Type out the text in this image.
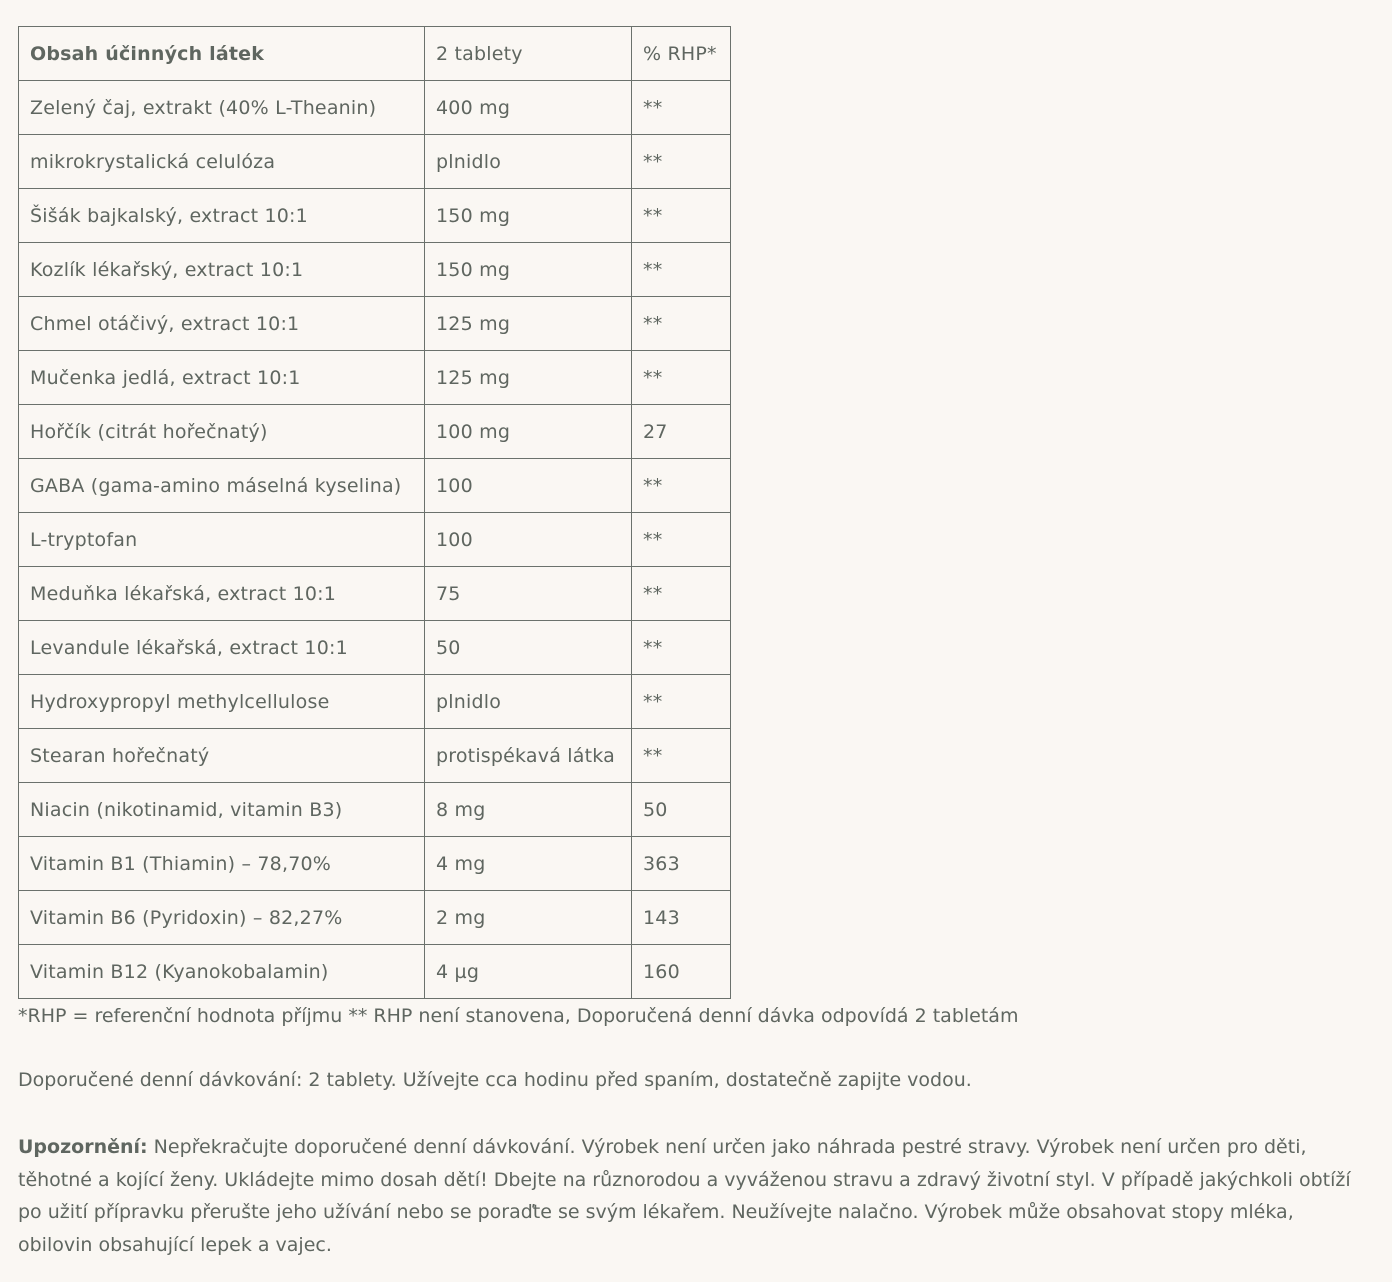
Obsah účinných látek	2 tablety	% RHP*
Zelený čaj, extrakt (40% L-Theanin)	400 mg	**
mikrokrystalická celulóza	plnidlo	**
Šišák bajkalský, extract 10:1	150 mg	**
Kozlík lékařský, extract 10:1	150 mg	**
Chmel otáčivý, extract 10:1	125 mg	**
Mučenka jedlá, extract 10:1	125 mg	**
Hořčík (citrát hořečnatý)	100 mg	27
GABA (gama-amino máselná kyselina)	100	**
L-tryptofan	100	**
Meduňka lékařská, extract 10:1	75	**
Levandule lékařská, extract 10:1	50	**
Hydroxypropyl methylcellulose	plnidlo	**
Stearan hořečnatý	protispékavá látka	**
Niacin (nikotinamid, vitamin B3)	8 mg	50
Vitamin B1 (Thiamin) – 78,70%	4 mg	363
Vitamin B6 (Pyridoxin) – 82,27%	2 mg	143
Vitamin B12 (Kyanokobalamin)	4 µg	160

*RHP = referenční hodnota příjmu ** RHP není stanovena, Doporučená denní dávka odpovídá 2 tabletám

Doporučené denní dávkování: 2 tablety. Užívejte cca hodinu před spaním, dostatečně zapijte vodou.

Upozornění: Nepřekračujte doporučené denní dávkování. Výrobek není určen jako náhrada pestré stravy. Výrobek není určen pro děti, těhotné a kojící ženy. Ukládejte mimo dosah dětí! Dbejte na různorodou a vyváženou stravu a zdravý životní styl. V případě jakýchkoli obtíží po užití přípravku přerušte jeho užívání nebo se poraďte se svým lékařem. Neužívejte nalačno. Výrobek může obsahovat stopy mléka, obilovin obsahující lepek a vajec.
